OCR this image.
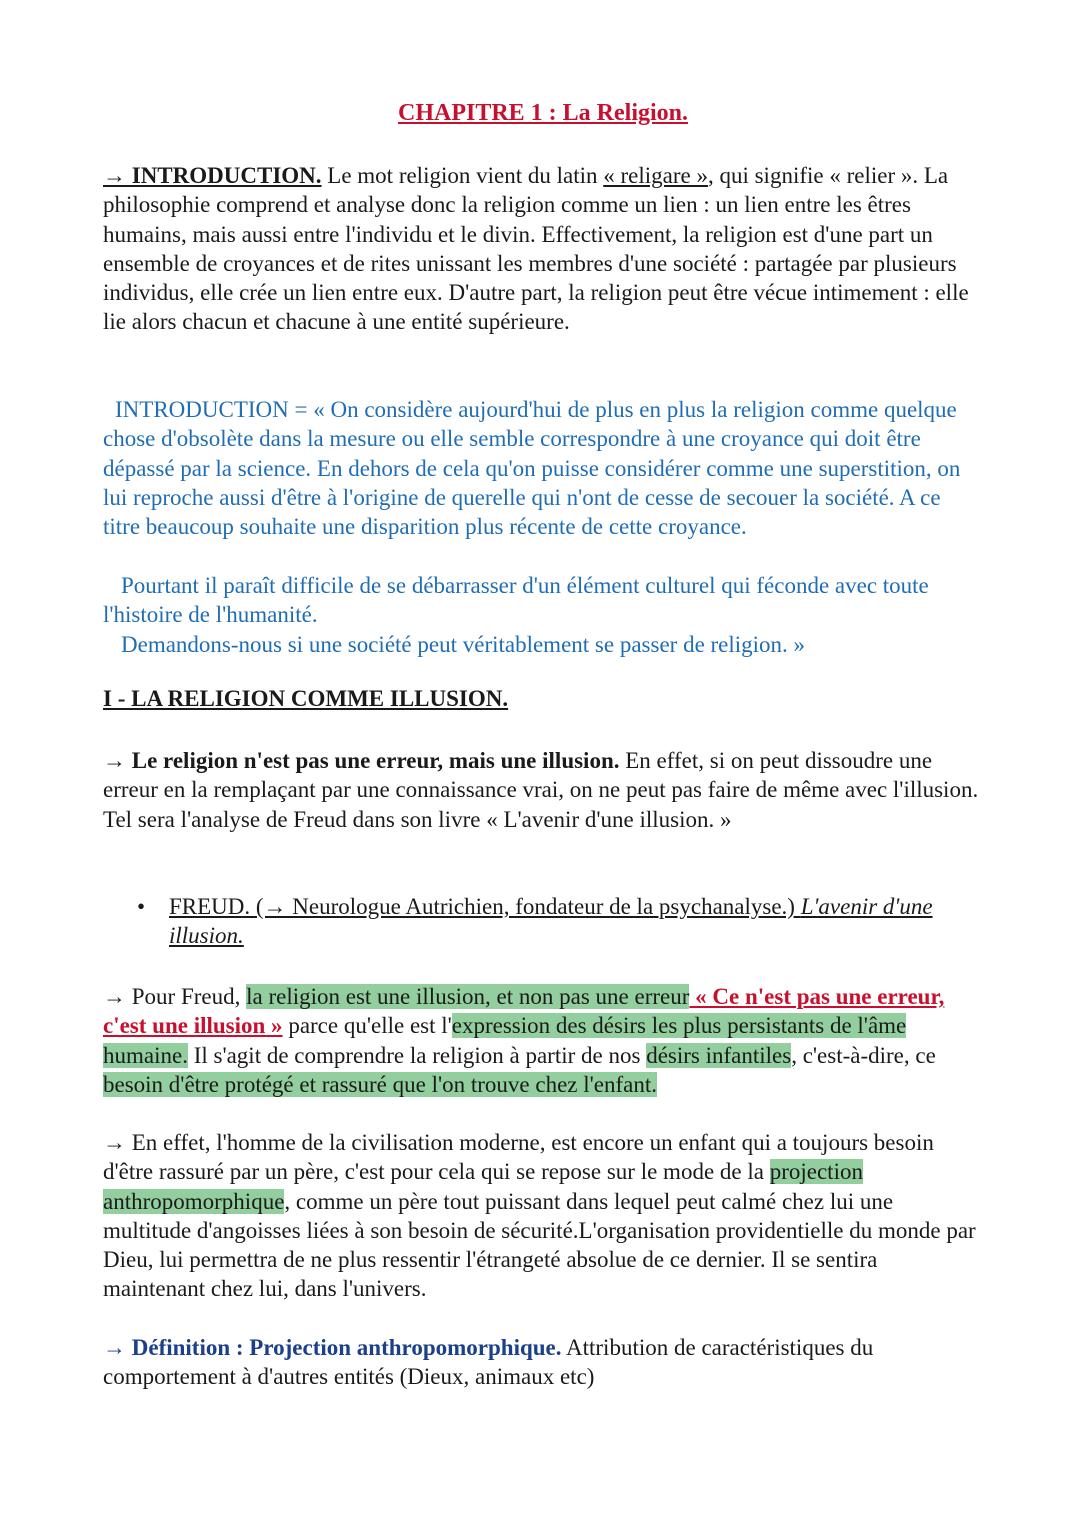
CHAPITRE 1 : La Religion.

→ INTRODUCTION. Le mot religion vient du latin « religare », qui signifie « relier ». La philosophie comprend et analyse donc la religion comme un lien : un lien entre les êtres humains, mais aussi entre l'individu et le divin. Effectivement, la religion est d'une part un ensemble de croyances et de rites unissant les membres d'une société : partagée par plusieurs individus, elle crée un lien entre eux. D'autre part, la religion peut être vécue intimement : elle lie alors chacun et chacune à une entité supérieure.

INTRODUCTION = « On considère aujourd'hui de plus en plus la religion comme quelque chose d'obsolète dans la mesure ou elle semble correspondre à une croyance qui doit être dépassé par la science. En dehors de cela qu'on puisse considérer comme une superstition, on lui reproche aussi d'être à l'origine de querelle qui n'ont de cesse de secouer la société. A ce titre beaucoup souhaite une disparition plus récente de cette croyance.

Pourtant il paraît difficile de se débarrasser d'un élément culturel qui féconde avec toute l'histoire de l'humanité.

Demandons-nous si une société peut véritablement se passer de religion. »

I - LA RELIGION COMME ILLUSION.

→ Le religion n'est pas une erreur, mais une illusion. En effet, si on peut dissoudre une erreur en la remplaçant par une connaissance vrai, on ne peut pas faire de même avec l'illusion. Tel sera l'analyse de Freud dans son livre « L'avenir d'une illusion. »

• FREUD. (→ Neurologue Autrichien, fondateur de la psychanalyse.) L'avenir d'une illusion.

→ Pour Freud, la religion est une illusion, et non pas une erreur « Ce n'est pas une erreur, c'est une illusion » parce qu'elle est l'expression des désirs les plus persistants de l'âme humaine. Il s'agit de comprendre la religion à partir de nos désirs infantiles, c'est-à-dire, ce besoin d'être protégé et rassuré que l'on trouve chez l'enfant.

→ En effet, l'homme de la civilisation moderne, est encore un enfant qui a toujours besoin d'être rassuré par un père, c'est pour cela qui se repose sur le mode de la projection anthropomorphique, comme un père tout puissant dans lequel peut calmé chez lui une multitude d'angoisses liées à son besoin de sécurité.L'organisation providentielle du monde par Dieu, lui permettra de ne plus ressentir l'étrangeté absolue de ce dernier. Il se sentira maintenant chez lui, dans l'univers.

→ Définition : Projection anthropomorphique. Attribution de caractéristiques du comportement à d'autres entités (Dieux, animaux etc)
